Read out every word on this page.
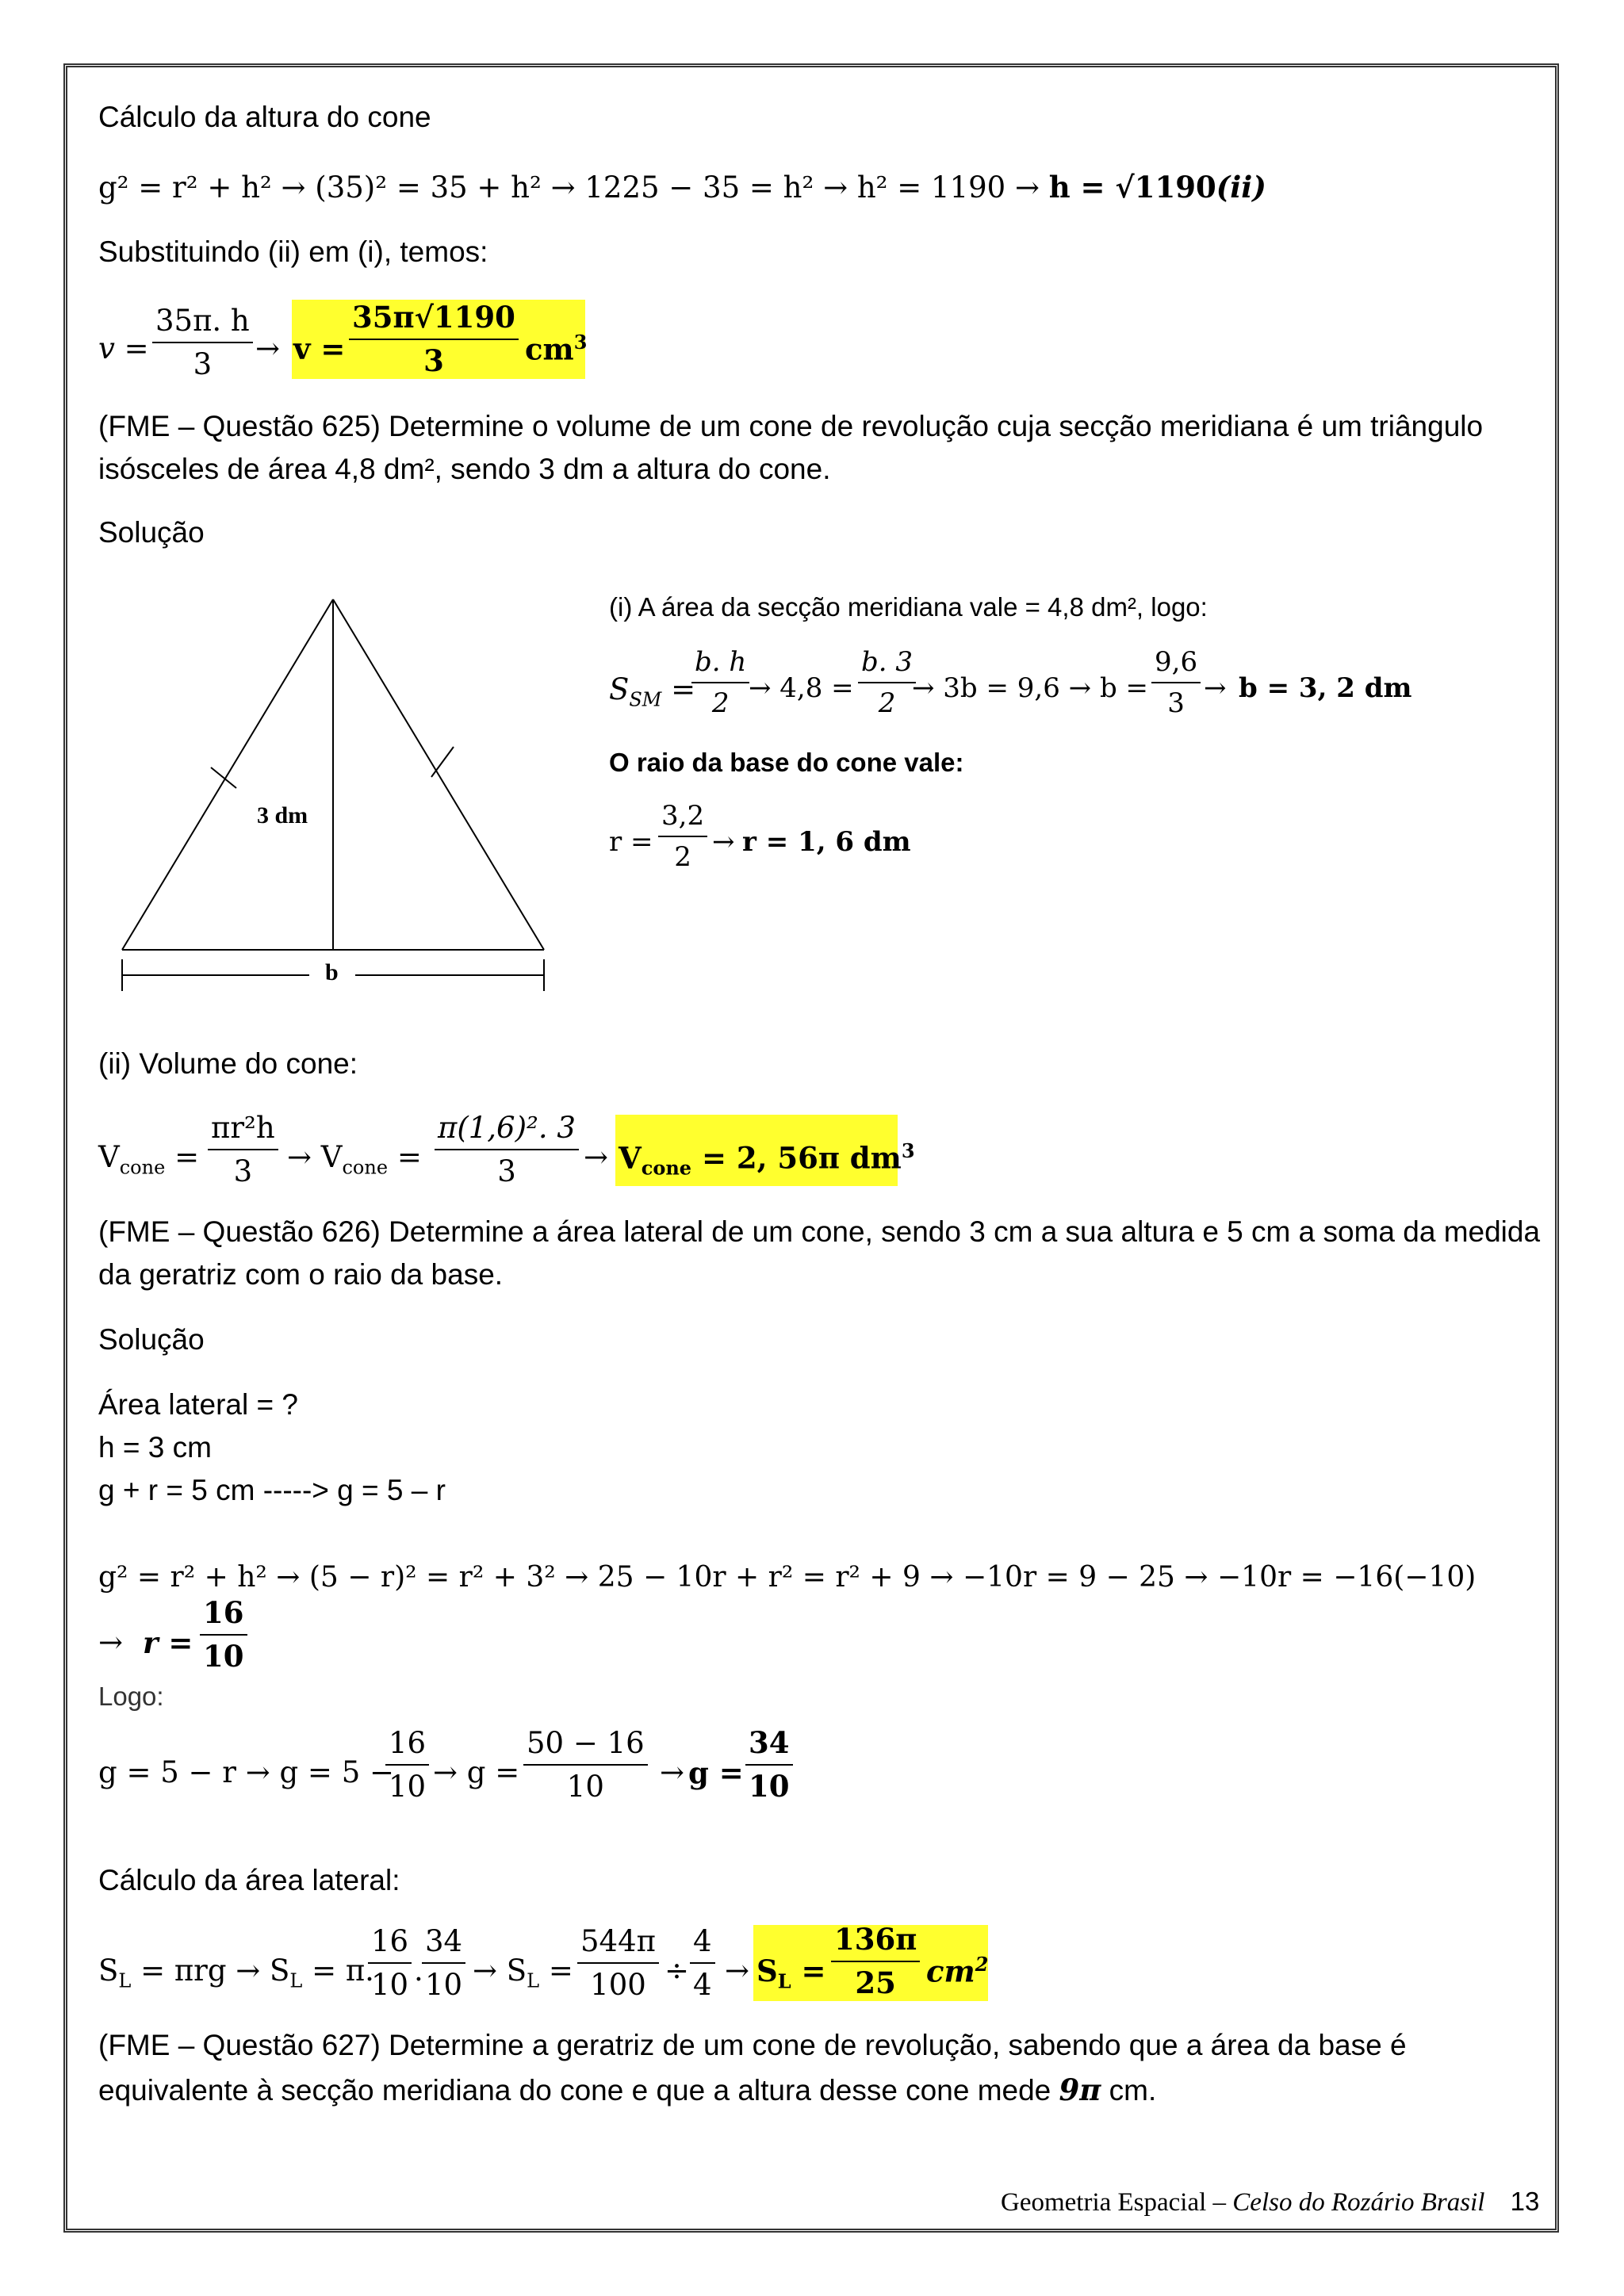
Cálculo da altura do cone
g² = r² + h² → (35)² = 35 + h² → 1225 − 35 = h² → h² = 1190 → h = √1190(ii)
Substituindo (ii) em (i), temos:
$v = \frac{35\pi. h}{3} \to v = \frac{35\pi√1190}{3} cm^3$
(FME – Questão 625) Determine o volume de um cone de revolução cuja secção meridiana é um triângulo
isósceles de área 4,8 dm², sendo 3 dm a altura do cone.
Solução
3 dm
b
(i) A área da secção meridiana vale = 4,8 dm², logo:
$S_{SM}$ =
$\frac{b. h}{2}$
→ $4,8 = \frac{b. 3}{2}$
→ $3b = 9,6 \to b = \frac{9,6}{3} \to b = 3$, 2 dm
O raio da base do cone vale:
$r = \frac{3,2}{2} \to r = 1$, 6 dm
(ii) Volume do cone:
$V_{cone} = \frac{\text{πr²h}}{3} \to V_{cone} = \frac{\text{π(1,6)². 3}}{3} \to V_{cone} = 2$, 56π $dm^3$
(FME – Questão 626) Determine a área lateral de um cone, sendo 3 cm a sua altura e 5 cm a soma da medida
da geratriz com o raio da base.
Solução
Área lateral = ?
h = 3 cm
g + r = 5 cm -----> g = 5 – r
g² = r² + h² → (5 − r)² = r² + 3² → 25 − 10r + r² = r² + 9 → −10r = 9 − 25 → −10r = −16(−10)
→ $r = \frac{16}{10}$
Logo:
g = 5 − r → g = 5 −
$\frac{16}{10} \to g = \frac{50 - 16}{10} \to g = \frac{34}{10}$
Cálculo da área lateral:
$S_L = \pi rg \to S_L = \pi$.
$\frac{16}{10}$ .
$\frac{34}{10} \to S_L = \frac{544\pi}{100} \div \frac{4}{4} \to S_L = \frac{136\pi}{25} cm^2$
(FME – Questão 627) Determine a geratriz de um cone de revolução, sabendo que a área da base é
equivalente à secção meridiana do cone e que a altura desse cone mede 9π cm.
Geometria Espacial – Celso do Rozário Brasil 13
